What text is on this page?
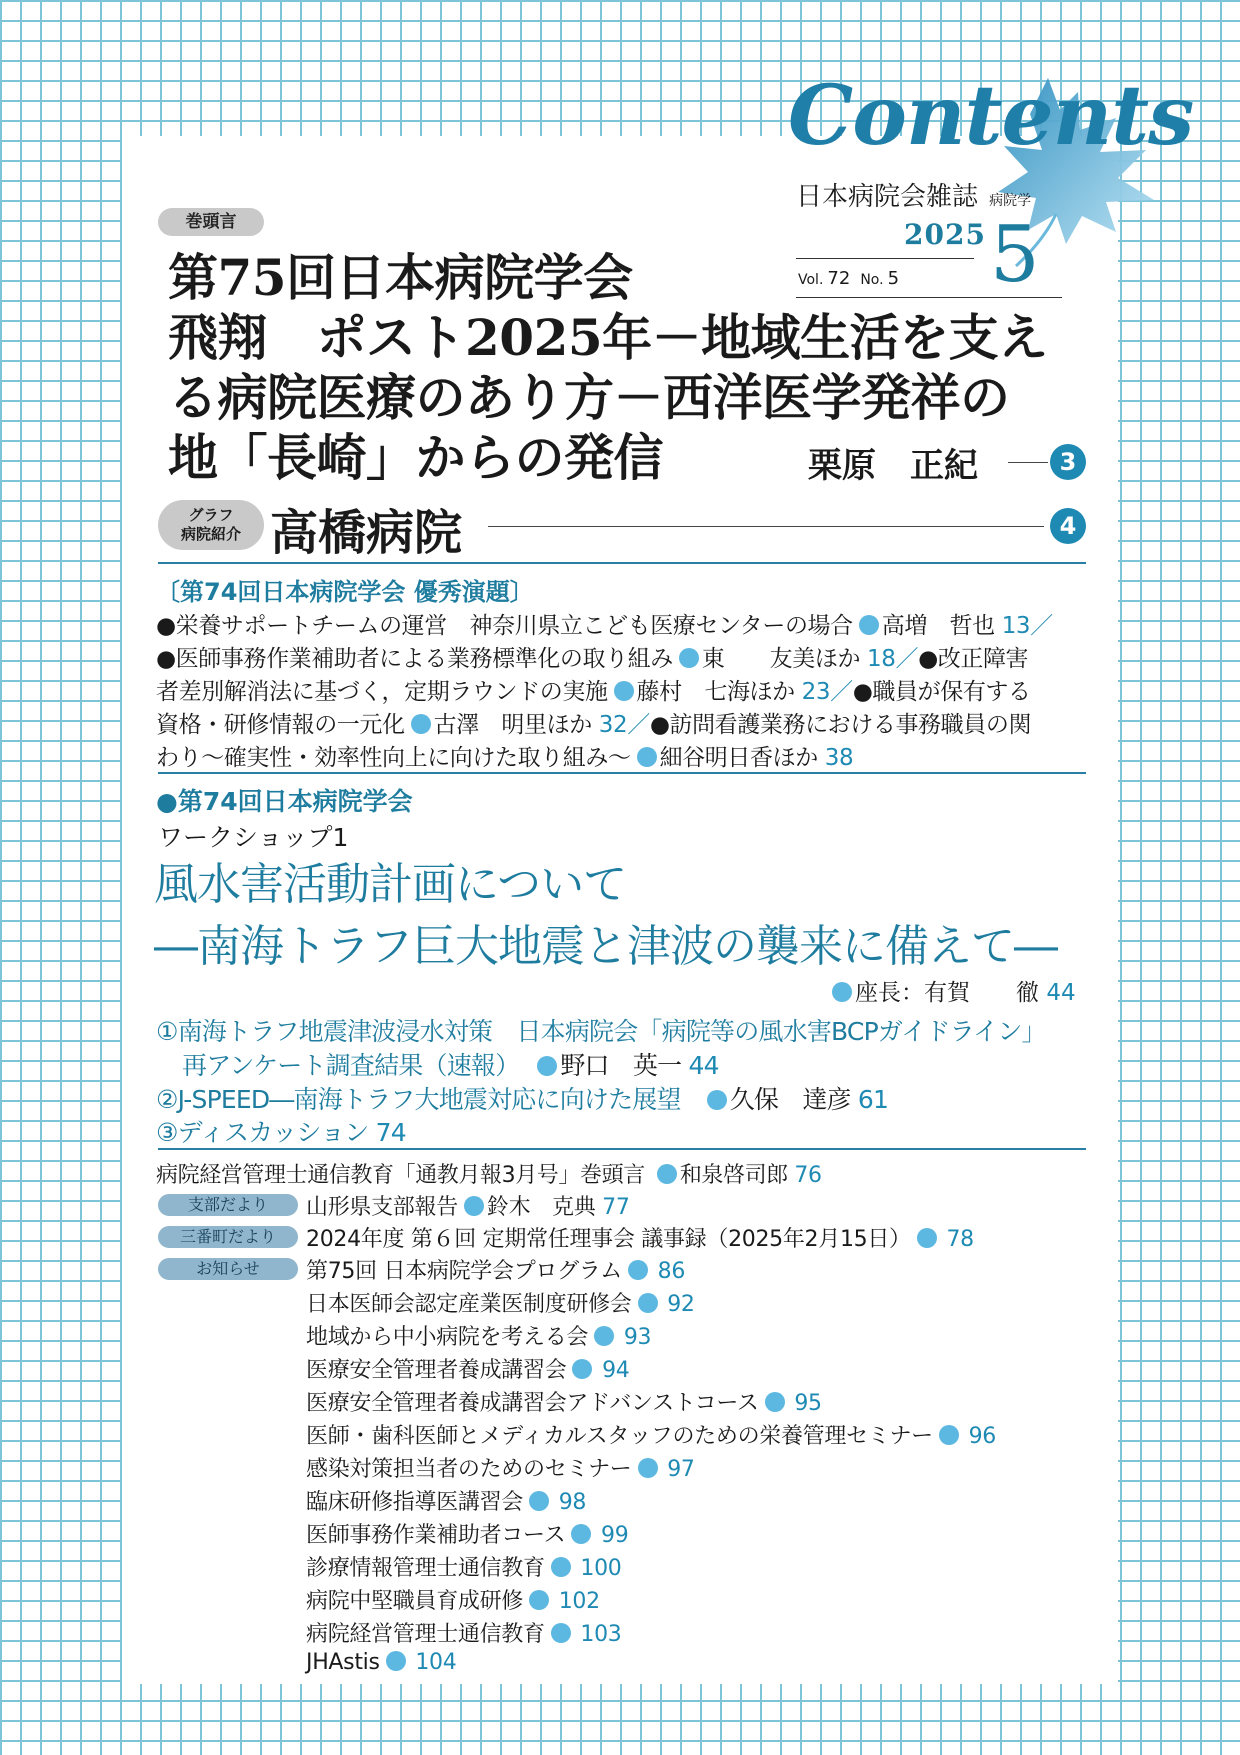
Contents
日本病院会雑誌 病院学
2025
Vol. 72 No. 5 5
巻頭言
第75回日本病院学会
飛翔　ポスト2025年－地域生活を支え
る病院医療のあり方－西洋医学発祥の
地「長崎」からの発信	栗原　正紀	3
グラフ
病院紹介 高橋病院	4
〔第74回日本病院学会 優秀演題〕
●栄養サポートチームの運営　神奈川県立こども医療センターの場合 高増　哲也 13／
●医師事務作業補助者による業務標準化の取り組み 東　　友美ほか 18／●改正障害
者差別解消法に基づく，定期ラウンドの実施 藤村　七海ほか 23／●職員が保有する
資格・研修情報の一元化 古澤　明里ほか 32／●訪問看護業務における事務職員の関
わり～確実性・効率性向上に向けた取り組み～ 細谷明日香ほか 38
●第74回日本病院学会
ワークショップ1
風水害活動計画について
―南海トラフ巨大地震と津波の襲来に備えて―
座長：有賀　　徹 44
①南海トラフ地震津波浸水対策　日本病院会「病院等の風水害BCPガイドライン」
再アンケート調査結果（速報） 野口　英一 44
②J-SPEED―南海トラフ大地震対応に向けた展望 久保　達彦 61
③ディスカッション 74
病院経営管理士通信教育「通教月報3月号」巻頭言 和泉啓司郎 76
支部だより	山形県支部報告 鈴木　克典 77
三番町だより	2024年度 第６回 定期常任理事会 議事録（2025年2月15日） 78
お知らせ	第75回 日本病院学会プログラム 86
日本医師会認定産業医制度研修会 92
地域から中小病院を考える会 93
医療安全管理者養成講習会 94
医療安全管理者養成講習会アドバンストコース 95
医師・歯科医師とメディカルスタッフのための栄養管理セミナー 96
感染対策担当者のためのセミナー 97
臨床研修指導医講習会 98
医師事務作業補助者コース 99
診療情報管理士通信教育 100
病院中堅職員育成研修 102
病院経営管理士通信教育 103
JHAstis 104
